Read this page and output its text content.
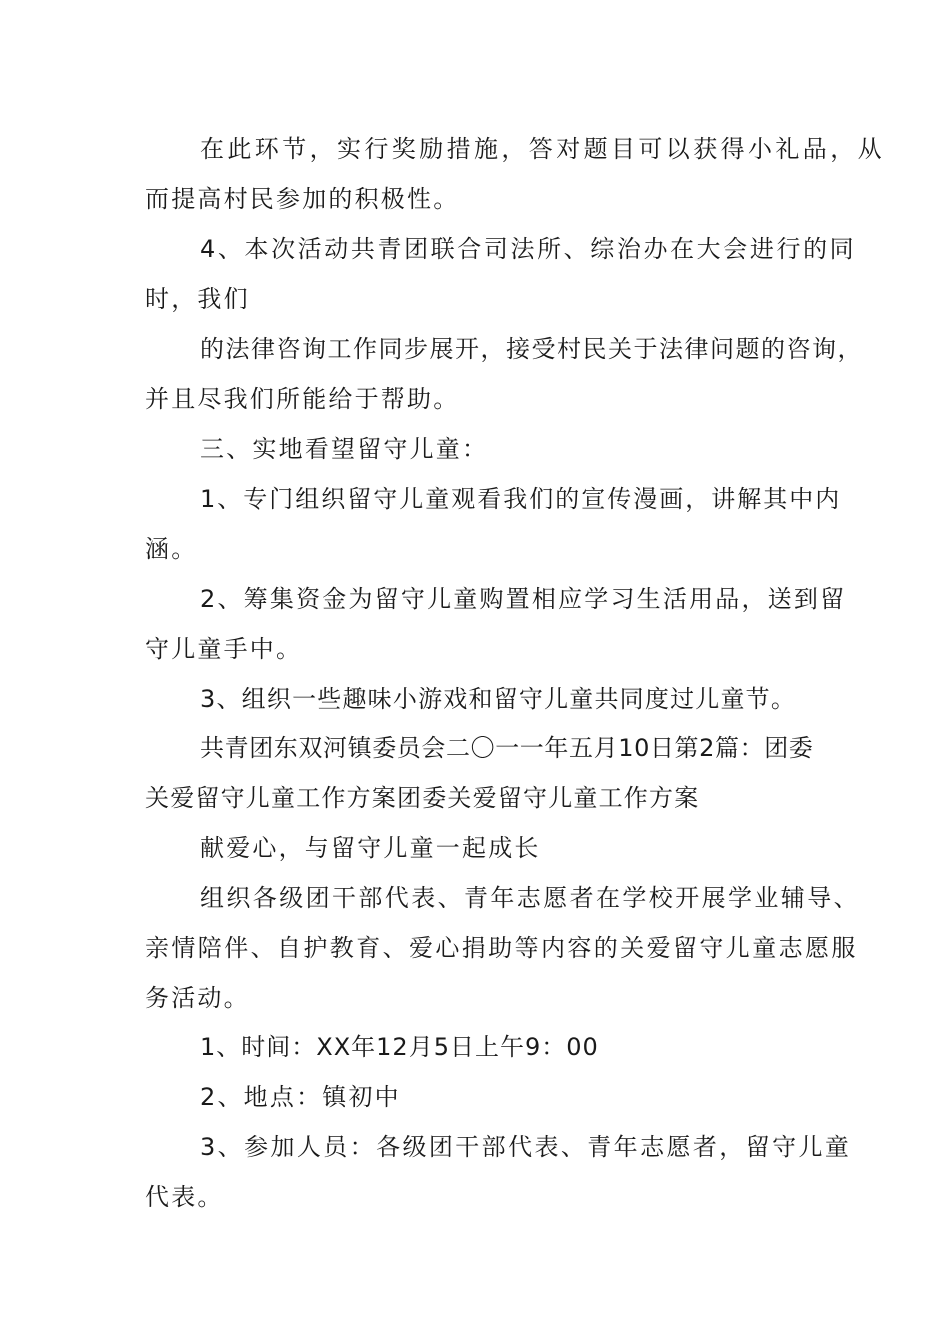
在此环节，实行奖励措施，答对题目可以获得小礼品，从
而提高村民参加的积极性。
4、本次活动共青团联合司法所、综治办在大会进行的同
时，我们
的法律咨询工作同步展开，接受村民关于法律问题的咨询，
并且尽我们所能给于帮助。
三、实地看望留守儿童：
1、专门组织留守儿童观看我们的宣传漫画，讲解其中内
涵。
2、筹集资金为留守儿童购置相应学习生活用品，送到留
守儿童手中。
3、组织一些趣味小游戏和留守儿童共同度过儿童节。
共青团东双河镇委员会二〇一一年五月10日第2篇：团委
关爱留守儿童工作方案团委关爱留守儿童工作方案
献爱心，与留守儿童一起成长
组织各级团干部代表、青年志愿者在学校开展学业辅导、
亲情陪伴、自护教育、爱心捐助等内容的关爱留守儿童志愿服
务活动。
1、时间：XX年12月5日上午9：00
2、地点：镇初中
3、参加人员：各级团干部代表、青年志愿者，留守儿童
代表。
